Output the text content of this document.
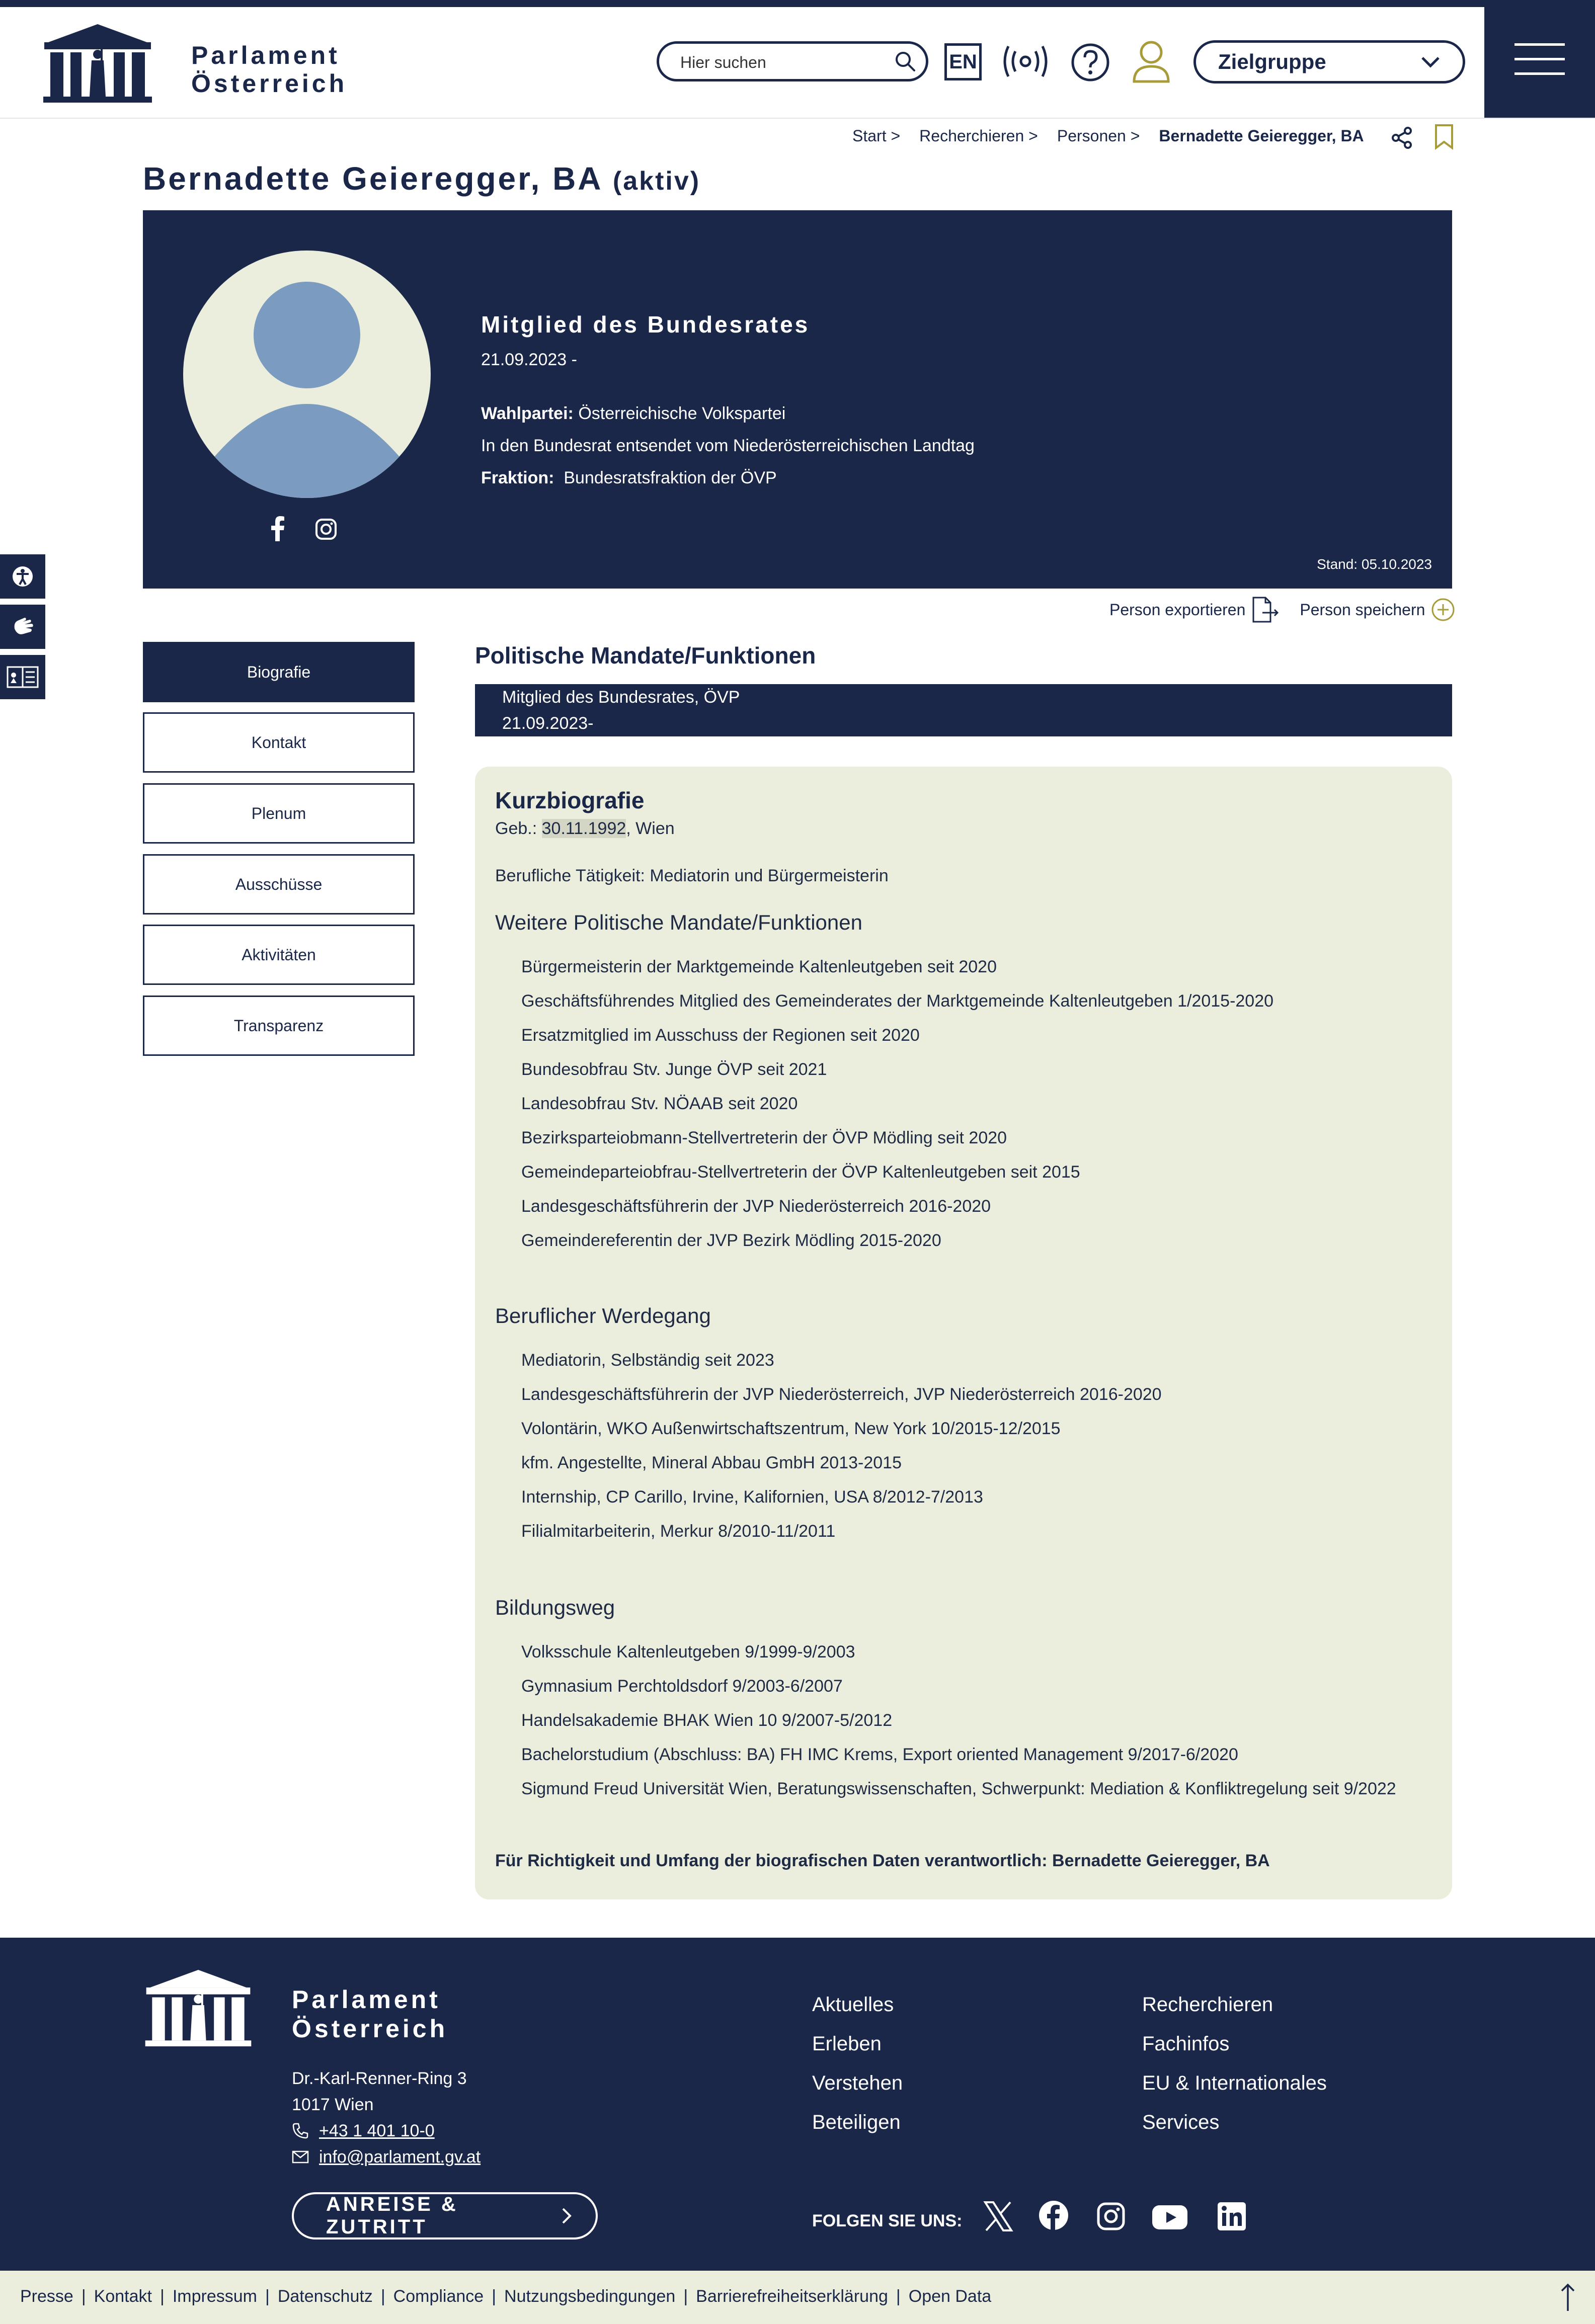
Parlament
Österreich
Hier suchen
EN	Zielgruppe
Start > Recherchieren > Personen > Bernadette Geieregger, BA
Bernadette Geieregger, BA (aktiv)
Mitglied des Bundesrates
21.09.2023 -
Wahlpartei: Österreichische Volkspartei
In den Bundesrat entsendet vom Niederösterreichischen Landtag
Fraktion: Bundesratsfraktion der ÖVP
Stand: 05.10.2023
Person exportieren	Person speichern
Biografie
Kontakt
Plenum
Ausschüsse
Aktivitäten
Transparenz
Politische Mandate/Funktionen
Mitglied des Bundesrates, ÖVP
21.09.2023-
Kurzbiografie
Geb.: 30.11.1992, Wien
Berufliche Tätigkeit: Mediatorin und Bürgermeisterin
Weitere Politische Mandate/Funktionen
Bürgermeisterin der Marktgemeinde Kaltenleutgeben seit 2020
Geschäftsführendes Mitglied des Gemeinderates der Marktgemeinde Kaltenleutgeben 1/2015-2020
Ersatzmitglied im Ausschuss der Regionen seit 2020
Bundesobfrau Stv. Junge ÖVP seit 2021
Landesobfrau Stv. NÖAAB seit 2020
Bezirksparteiobmann-Stellvertreterin der ÖVP Mödling seit 2020
Gemeindeparteiobfrau-Stellvertreterin der ÖVP Kaltenleutgeben seit 2015
Landesgeschäftsführerin der JVP Niederösterreich 2016-2020
Gemeindereferentin der JVP Bezirk Mödling 2015-2020
Beruflicher Werdegang
Mediatorin, Selbständig seit 2023
Landesgeschäftsführerin der JVP Niederösterreich, JVP Niederösterreich 2016-2020
Volontärin, WKO Außenwirtschaftszentrum, New York 10/2015-12/2015
kfm. Angestellte, Mineral Abbau GmbH 2013-2015
Internship, CP Carillo, Irvine, Kalifornien, USA 8/2012-7/2013
Filialmitarbeiterin, Merkur 8/2010-11/2011
Bildungsweg
Volksschule Kaltenleutgeben 9/1999-9/2003
Gymnasium Perchtoldsdorf 9/2003-6/2007
Handelsakademie BHAK Wien 10 9/2007-5/2012
Bachelorstudium (Abschluss: BA) FH IMC Krems, Export oriented Management 9/2017-6/2020
Sigmund Freud Universität Wien, Beratungswissenschaften, Schwerpunkt: Mediation & Konfliktregelung seit 9/2022
Für Richtigkeit und Umfang der biografischen Daten verantwortlich: Bernadette Geieregger, BA
Parlament
Österreich
Dr.-Karl-Renner-Ring 3
1017 Wien
+43 1 401 10-0
info@parlament.gv.at
ANREISE & ZUTRITT
Aktuelles
Erleben
Verstehen
Beteiligen
Recherchieren
Fachinfos
EU & Internationales
Services
FOLGEN SIE UNS:
Presse | Kontakt | Impressum | Datenschutz | Compliance | Nutzungsbedingungen | Barrierefreiheitserklärung | Open Data
